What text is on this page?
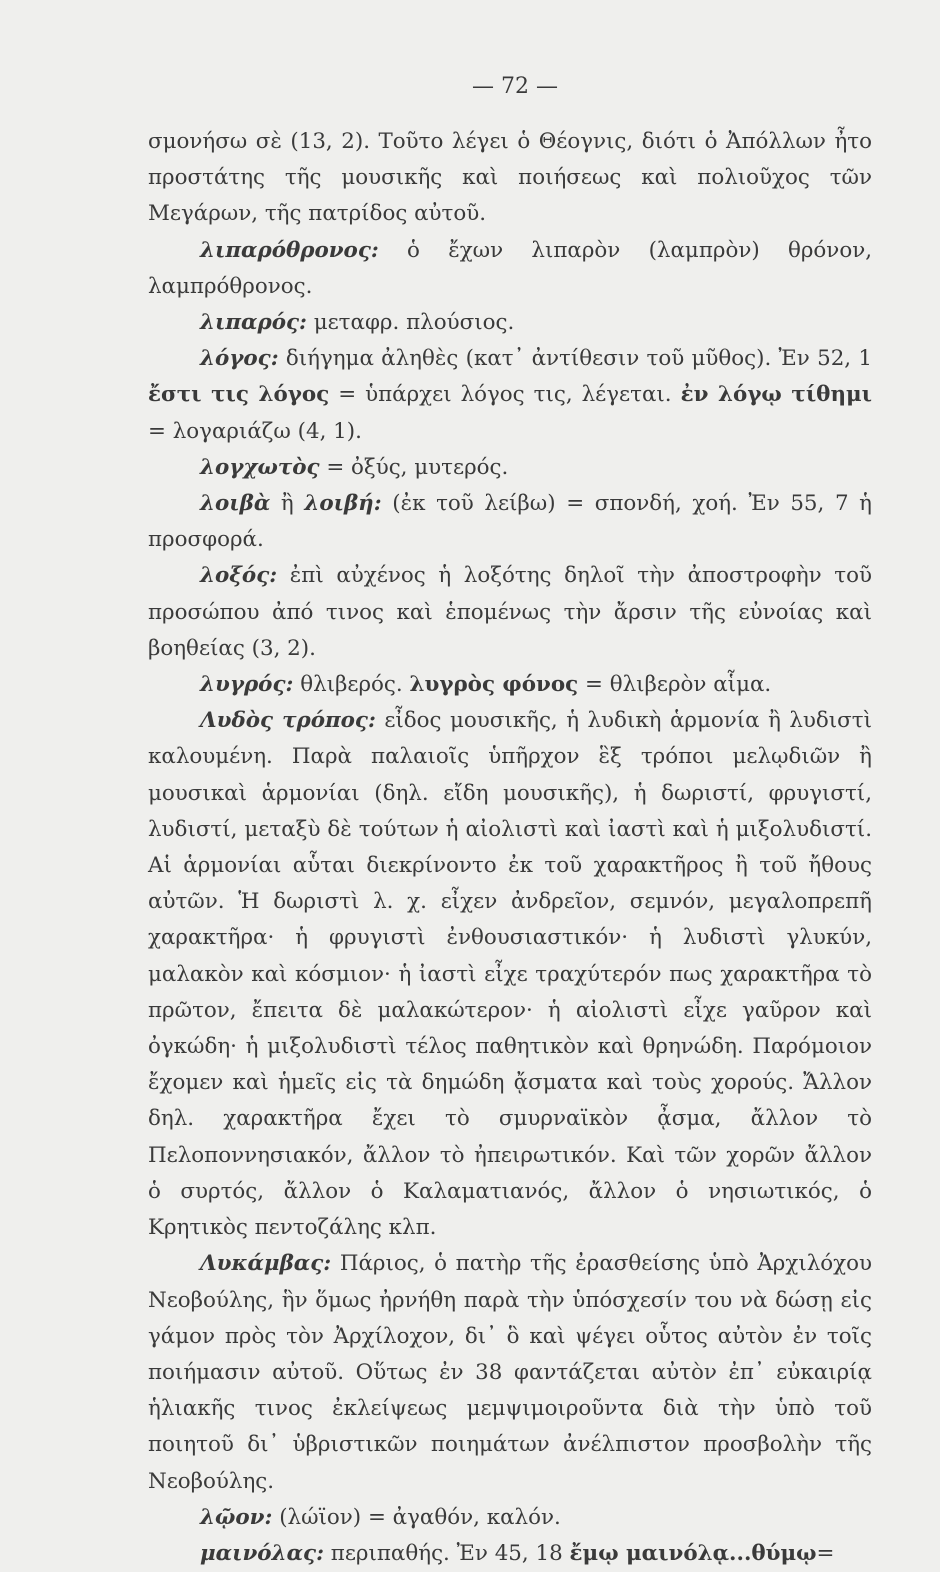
— 72 —

σμονήσω σὲ (13, 2). Τοῦτο λέγει ὁ Θέογνις, διότι ὁ Ἀπόλλων ἦτο προστάτης τῆς μουσικῆς καὶ ποιήσεως καὶ πολιοῦχος τῶν Μεγάρων, τῆς πατρίδος αὐτοῦ.

λιπαρόθρονος: ὁ ἔχων λιπαρὸν (λαμπρὸν) θρόνον, λαμπρόθρονος.

λιπαρός: μεταφρ. πλούσιος.

λόγος: διήγημα ἀληθὲς (κατ᾽ ἀντίθεσιν τοῦ μῦθος). Ἐν 52, 1 ἔστι τις λόγος = ὑπάρχει λόγος τις, λέγεται. ἐν λόγῳ τίθημι = λογαριάζω (4, 1).

λογχωτὸς = ὀξύς, μυτερός.

λοιβὰ ἢ λοιβή: (ἐκ τοῦ λείβω) = σπονδή, χοή. Ἐν 55, 7 ἡ προσφορά.

λοξός: ἐπὶ αὐχένος ἡ λοξότης δηλοῖ τὴν ἀποστροφὴν τοῦ προσώπου ἀπό τινος καὶ ἑπομένως τὴν ἄρσιν τῆς εὐνοίας καὶ βοηθείας (3, 2).

λυγρός: θλιβερός. λυγρὸς φόνος = θλιβερὸν αἷμα.

Λυδὸς τρόπος: εἶδος μουσικῆς, ἡ λυδικὴ ἁρμονία ἢ λυδιστὶ καλουμένη. Παρὰ παλαιοῖς ὑπῆρχον ἓξ τρόποι μελῳδιῶν ἢ μουσικαὶ ἁρμονίαι (δηλ. εἴδη μουσικῆς), ἡ δωριστί, φρυγιστί, λυδιστί, μεταξὺ δὲ τούτων ἡ αἰολιστὶ καὶ ἰαστὶ καὶ ἡ μιξολυδιστί. Αἱ ἁρμονίαι αὗται διεκρίνοντο ἐκ τοῦ χαρακτῆρος ἢ τοῦ ἤθους αὐτῶν. Ἡ δωριστὶ λ. χ. εἶχεν ἀνδρεῖον, σεμνόν, μεγαλοπρεπῆ χαρακτῆρα· ἡ φρυγιστὶ ἐνθουσιαστικόν· ἡ λυδιστὶ γλυκύν, μαλακὸν καὶ κόσμιον· ἡ ἰαστὶ εἶχε τραχύτερόν πως χαρακτῆρα τὸ πρῶτον, ἔπειτα δὲ μαλακώτερον· ἡ αἰολιστὶ εἶχε γαῦρον καὶ ὀγκώδη· ἡ μιξολυδιστὶ τέλος παθητικὸν καὶ θρηνώδη. Παρόμοιον ἔχομεν καὶ ἡμεῖς εἰς τὰ δημώδη ᾄσματα καὶ τοὺς χορούς. Ἄλλον δηλ. χαρακτῆρα ἔχει τὸ σμυρναϊκὸν ᾆσμα, ἄλλον τὸ Πελοποννησιακόν, ἄλλον τὸ ἠπειρωτικόν. Καὶ τῶν χορῶν ἄλλον ὁ συρτός, ἄλλον ὁ Καλαματιανός, ἄλλον ὁ νησιωτικός, ὁ Κρητικὸς πεντοζάλης κλπ.

Λυκάμβας: Πάριος, ὁ πατὴρ τῆς ἐρασθείσης ὑπὸ Ἀρχιλόχου Νεοβούλης, ἣν ὅμως ἠρνήθη παρὰ τὴν ὑπόσχεσίν του νὰ δώσῃ εἰς γάμον πρὸς τὸν Ἀρχίλοχον, δι᾽ ὃ καὶ ψέγει οὗτος αὐτὸν ἐν τοῖς ποιήμασιν αὐτοῦ. Οὕτως ἐν 38 φαντάζεται αὐτὸν ἐπ᾽ εὐκαιρίᾳ ἡλιακῆς τινος ἐκλείψεως μεμψιμοιροῦντα διὰ τὴν ὑπὸ τοῦ ποιητοῦ δι᾽ ὑβριστικῶν ποιημάτων ἀνέλπιστον προσβολὴν τῆς Νεοβούλης.

λῷον: (λώϊον) = ἀγαθόν, καλόν.

μαινόλας: περιπαθής. Ἐν 45, 18 ἔμῳ μαινόλᾳ...θύμῳ=
